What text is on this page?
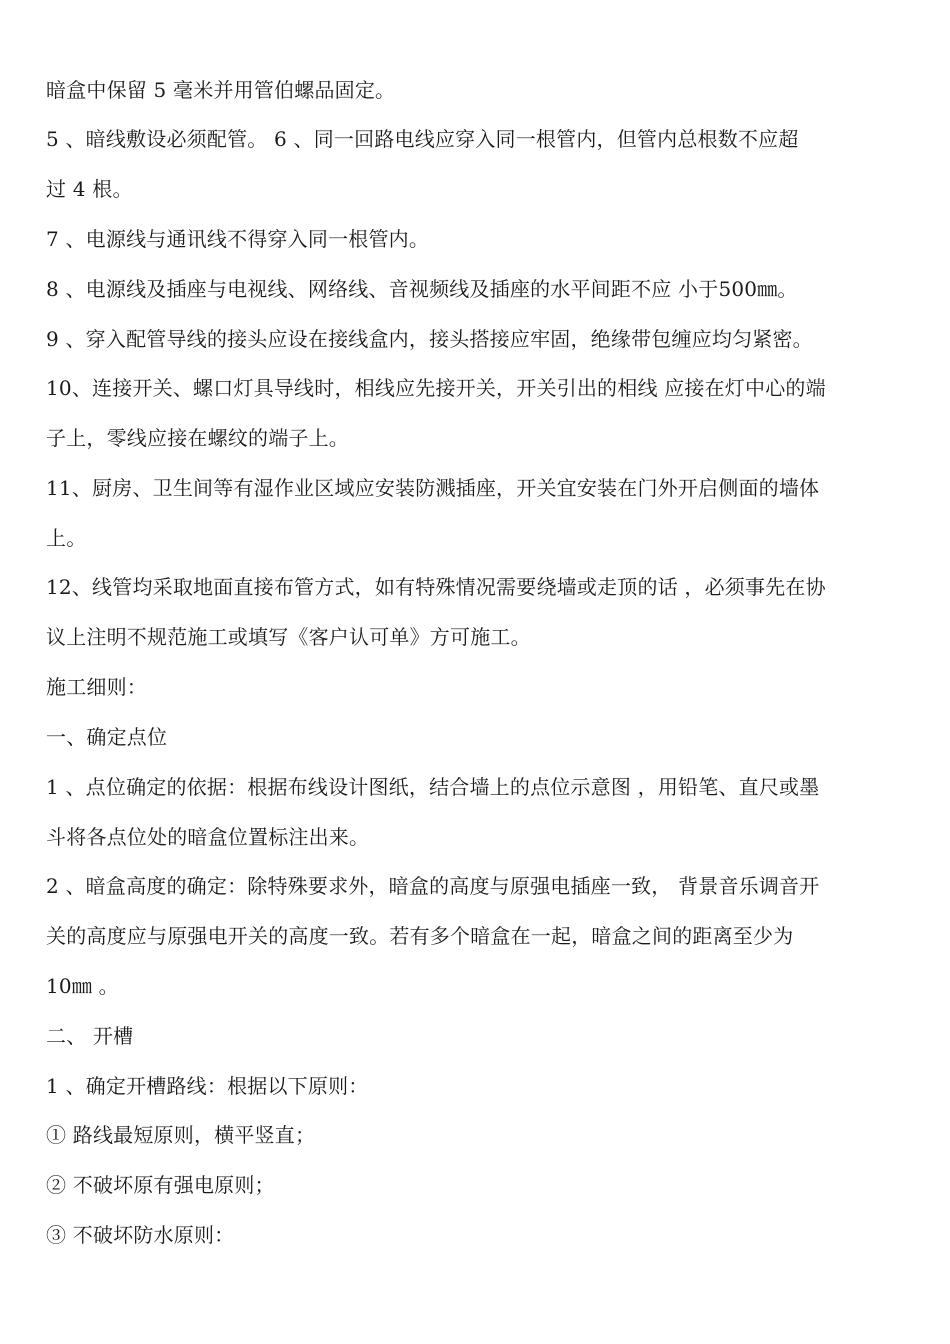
暗盒中保留 5 毫米并用管伯螺品固定。
5 、暗线敷设必须配管。 6 、同一回路电线应穿入同一根管内，但管内总根数不应超
过 4 根。
7 、电源线与通讯线不得穿入同一根管内。
8 、电源线及插座与电视线、网络线、音视频线及插座的水平间距不应 小于500㎜。
9 、穿入配管导线的接头应设在接线盒内，接头搭接应牢固，绝缘带包缠应均匀紧密。
10、连接开关、螺口灯具导线时，相线应先接开关，开关引出的相线 应接在灯中心的端
子上，零线应接在螺纹的端子上。
11、厨房、卫生间等有湿作业区域应安装防溅插座，开关宜安装在门外开启侧面的墙体
上。
12、线管均采取地面直接布管方式，如有特殊情况需要绕墙或走顶的话 ，必须事先在协
议上注明不规范施工或填写《客户认可单》方可施工。
施工细则：
一、确定点位
1 、点位确定的依据：根据布线设计图纸，结合墙上的点位示意图 ，用铅笔、直尺或墨
斗将各点位处的暗盒位置标注出来。
2 、暗盒高度的确定：除特殊要求外，暗盒的高度与原强电插座一致， 背景音乐调音开
关的高度应与原强电开关的高度一致。若有多个暗盒在一起，暗盒之间的距离至少为
10㎜ 。
二、 开槽
1 、确定开槽路线：根据以下原则：
① 路线最短原则，横平竖直；
② 不破坏原有强电原则；
③ 不破坏防水原则：
